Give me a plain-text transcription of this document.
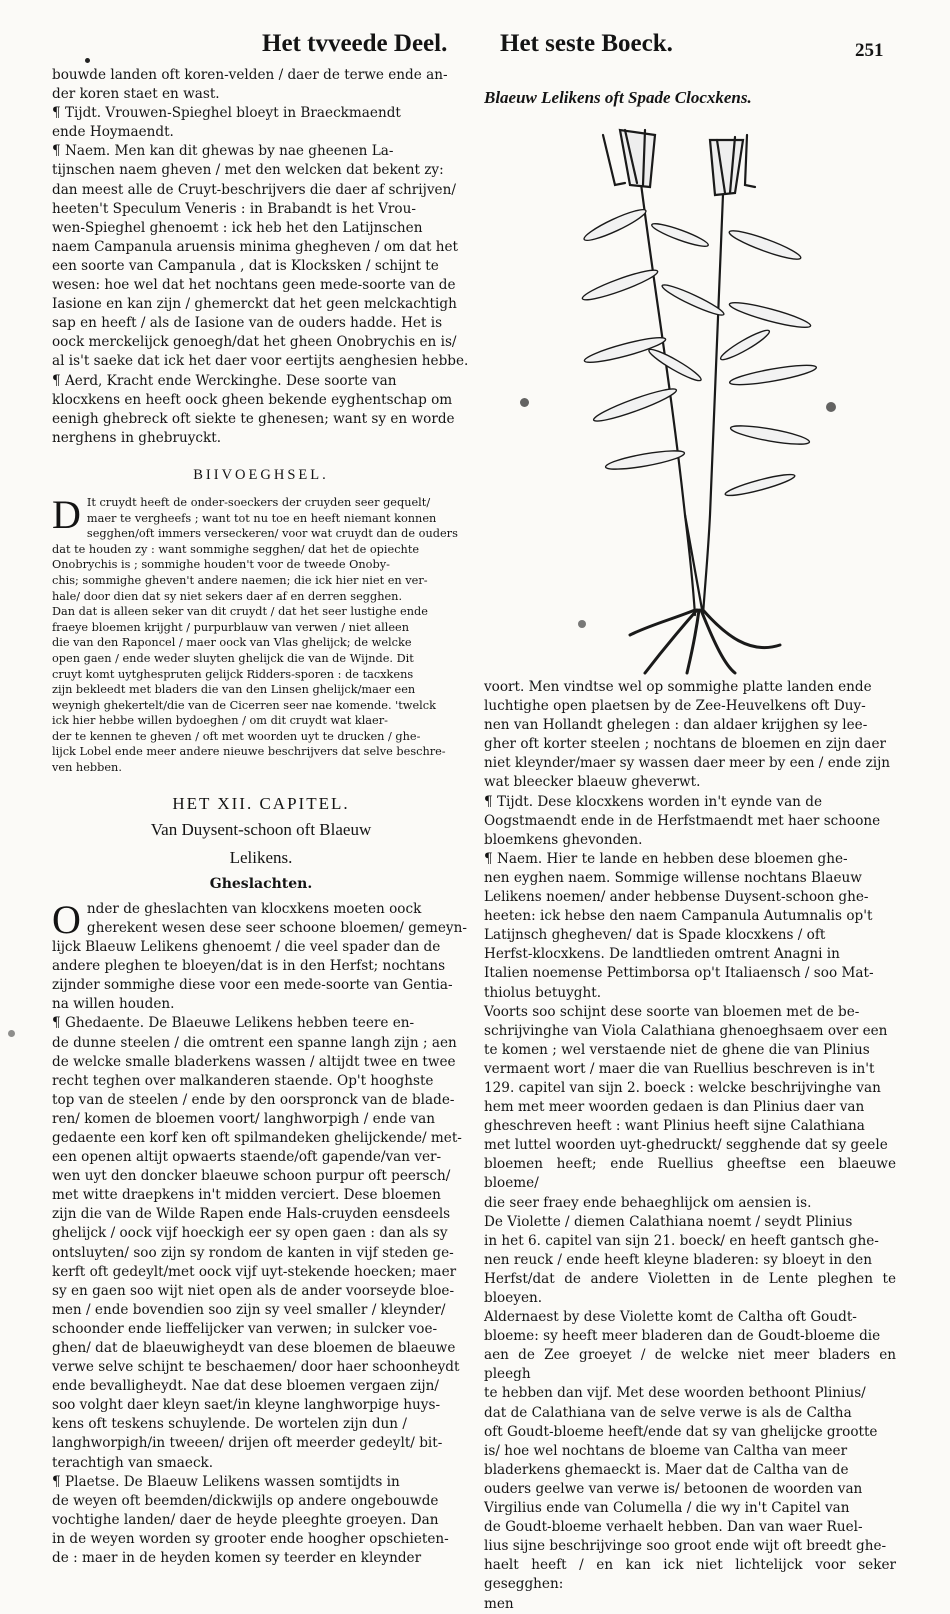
Het tvveede Deel. Het seste Boeck.	251
bouwde landen oft koren-velden / daer de terwe ende an-
der koren staet en wast.
¶ Tijdt. Vrouwen-Spieghel bloeyt in Braeckmaendt
ende Hoymaendt.
¶ Naem. Men kan dit ghewas by nae gheenen La-
tijnschen naem gheven / met den welcken dat bekent zy:
dan meest alle de Cruyt-beschrijvers die daer af schrijven/
heeten't Speculum Veneris : in Brabandt is het Vrou-
wen-Spieghel ghenoemt : ick heb het den Latijnschen
naem Campanula aruensis minima ghegheven / om dat het
een soorte van Campanula , dat is Klocksken / schijnt te
wesen: hoe wel dat het nochtans geen mede-soorte van de
Iasione en kan zijn / ghemerckt dat het geen melckachtigh
sap en heeft / als de Iasione van de ouders hadde. Het is
oock merckelijck genoegh/dat het gheen Onobrychis en is/
al is't saeke dat ick het daer voor eertijts aenghesien hebbe.
¶ Aerd, Kracht ende Werckinghe. Dese soorte van
klocxkens en heeft oock gheen bekende eyghentschap om
eenigh ghebreck oft siekte te ghenesen; want sy en worde
nerghens in ghebruyckt.
BIIVOEGHSEL.
D It cruydt heeft de onder-soeckers der cruyden seer gequelt/
maer te vergheefs ; want tot nu toe en heeft niemant konnen
segghen/oft immers verseckeren/ voor wat cruydt dan de ouders
dat te houden zy : want sommighe segghen/ dat het de opiechte
Onobrychis is ; sommighe houden't voor de tweede Onoby-
chis; sommighe gheven't andere naemen; die ick hier niet en ver-
hale/ door dien dat sy niet sekers daer af en derren segghen.
Dan dat is alleen seker van dit cruydt / dat het seer lustighe ende
fraeye bloemen krijght / purpurblauw van verwen / niet alleen
die van den Raponcel / maer oock van Vlas ghelijck; de welcke
open gaen / ende weder sluyten ghelijck die van de Wijnde. Dit
cruyt komt uytghespruten gelijck Ridders-sporen : de tacxkens
zijn bekleedt met bladers die van den Linsen ghelijck/maer een
weynigh ghekertelt/die van de Cicerren seer nae komende. 'twelck
ick hier hebbe willen bydoeghen / om dit cruydt wat klaer-
der te kennen te gheven / oft met woorden uyt te drucken / ghe-
lijck Lobel ende meer andere nieuwe beschrijvers dat selve beschre-
ven hebben.
HET XII. CAPITEL.
Van Duysent-schoon oft Blaeuw
Lelikens.
Gheslachten.
O nder de gheslachten van klocxkens moeten oock
gherekent wesen dese seer schoone bloemen/ gemeyn-
lijck Blaeuw Lelikens ghenoemt / die veel spader dan de
andere pleghen te bloeyen/dat is in den Herfst; nochtans
zijnder sommighe diese voor een mede-soorte van Gentia-
na willen houden.
¶ Ghedaente. De Blaeuwe Lelikens hebben teere en-
de dunne steelen / die omtrent een spanne langh zijn ; aen
de welcke smalle bladerkens wassen / altijdt twee en twee
recht teghen over malkanderen staende. Op't hooghste
top van de steelen / ende by den oorspronck van de blade-
ren/ komen de bloemen voort/ langhworpigh / ende van
gedaente een korf ken oft spilmandeken ghelijckende/ met-
een openen altijt opwaerts staende/oft gapende/van ver-
wen uyt den doncker blaeuwe schoon purpur oft peersch/
met witte draepkens in't midden verciert. Dese bloemen
zijn die van de Wilde Rapen ende Hals-cruyden eensdeels
ghelijck / oock vijf hoeckigh eer sy open gaen : dan als sy
ontsluyten/ soo zijn sy rondom de kanten in vijf steden ge-
kerft oft gedeylt/met oock vijf uyt-stekende hoecken; maer
sy en gaen soo wijt niet open als de ander voorseyde bloe-
men / ende bovendien soo zijn sy veel smaller / kleynder/
schoonder ende lieffelijcker van verwen; in sulcker voe-
ghen/ dat de blaeuwigheydt van dese bloemen de blaeuwe
verwe selve schijnt te beschaemen/ door haer schoonheydt
ende bevalligheydt. Nae dat dese bloemen vergaen zijn/
soo volght daer kleyn saet/in kleyne langhworpige huys-
kens oft teskens schuylende. De wortelen zijn dun /
langhworpigh/in tweeen/ drijen oft meerder gedeylt/ bit-
terachtigh van smaeck.
¶ Plaetse. De Blaeuw Lelikens wassen somtijdts in
de weyen oft beemden/dickwijls op andere ongebouwde
vochtighe landen/ daer de heyde pleeghte groeyen. Dan
in de weyen worden sy grooter ende hoogher opschieten-
de : maer in de heyden komen sy teerder en kleynder
Blaeuw Lelikens oft Spade Clocxkens.
voort. Men vindtse wel op sommighe platte landen ende
luchtighe open plaetsen by de Zee-Heuvelkens oft Duy-
nen van Hollandt ghelegen : dan aldaer krijghen sy lee-
gher oft korter steelen ; nochtans de bloemen en zijn daer
niet kleynder/maer sy wassen daer meer by een / ende zijn
wat bleecker blaeuw gheverwt.
¶ Tijdt. Dese klocxkens worden in't eynde van de
Oogstmaendt ende in de Herfstmaendt met haer schoone
bloemkens ghevonden.
¶ Naem. Hier te lande en hebben dese bloemen ghe-
nen eyghen naem. Sommige willense nochtans Blaeuw
Lelikens noemen/ ander hebbense Duysent-schoon ghe-
heeten: ick hebse den naem Campanula Autumnalis op't
Latijnsch ghegheven/ dat is Spade klocxkens / oft
Herfst-klocxkens. De landtlieden omtrent Anagni in
Italien noemense Pettimborsa op't Italiaensch / soo Mat-
thiolus betuyght.
Voorts soo schijnt dese soorte van bloemen met de be-
schrijvinghe van Viola Calathiana ghenoeghsaem over een
te komen ; wel verstaende niet de ghene die van Plinius
vermaent wort / maer die van Ruellius beschreven is in't
129. capitel van sijn 2. boeck : welcke beschrijvinghe van
hem met meer woorden gedaen is dan Plinius daer van
gheschreven heeft : want Plinius heeft sijne Calathiana
met luttel woorden uyt-ghedruckt/ segghende dat sy geele
bloemen heeft; ende Ruellius gheeftse een blaeuwe bloeme/
die seer fraey ende behaeghlijck om aensien is.
De Violette / diemen Calathiana noemt / seydt Plinius
in het 6. capitel van sijn 21. boeck/ en heeft gantsch ghe-
nen reuck / ende heeft kleyne bladeren: sy bloeyt in den
Herfst/dat de andere Violetten in de Lente pleghen te bloeyen.
Aldernaest by dese Violette komt de Caltha oft Goudt-
bloeme: sy heeft meer bladeren dan de Goudt-bloeme die
aen de Zee groeyet / de welcke niet meer bladers en pleegh
te hebben dan vijf. Met dese woorden bethoont Plinius/
dat de Calathiana van de selve verwe is als de Caltha
oft Goudt-bloeme heeft/ende dat sy van ghelijcke grootte
is/ hoe wel nochtans de bloeme van Caltha van meer
bladerkens ghemaeckt is. Maer dat de Caltha van de
ouders geelwe van verwe is/ betoonen de woorden van
Virgilius ende van Columella / die wy in't Capitel van
de Goudt-bloeme verhaelt hebben. Dan van waer Ruel-
lius sijne beschrijvinge soo groot ende wijt oft breedt ghe-
haelt heeft / en kan ick niet lichtelijck voor seker gesegghen:
men
